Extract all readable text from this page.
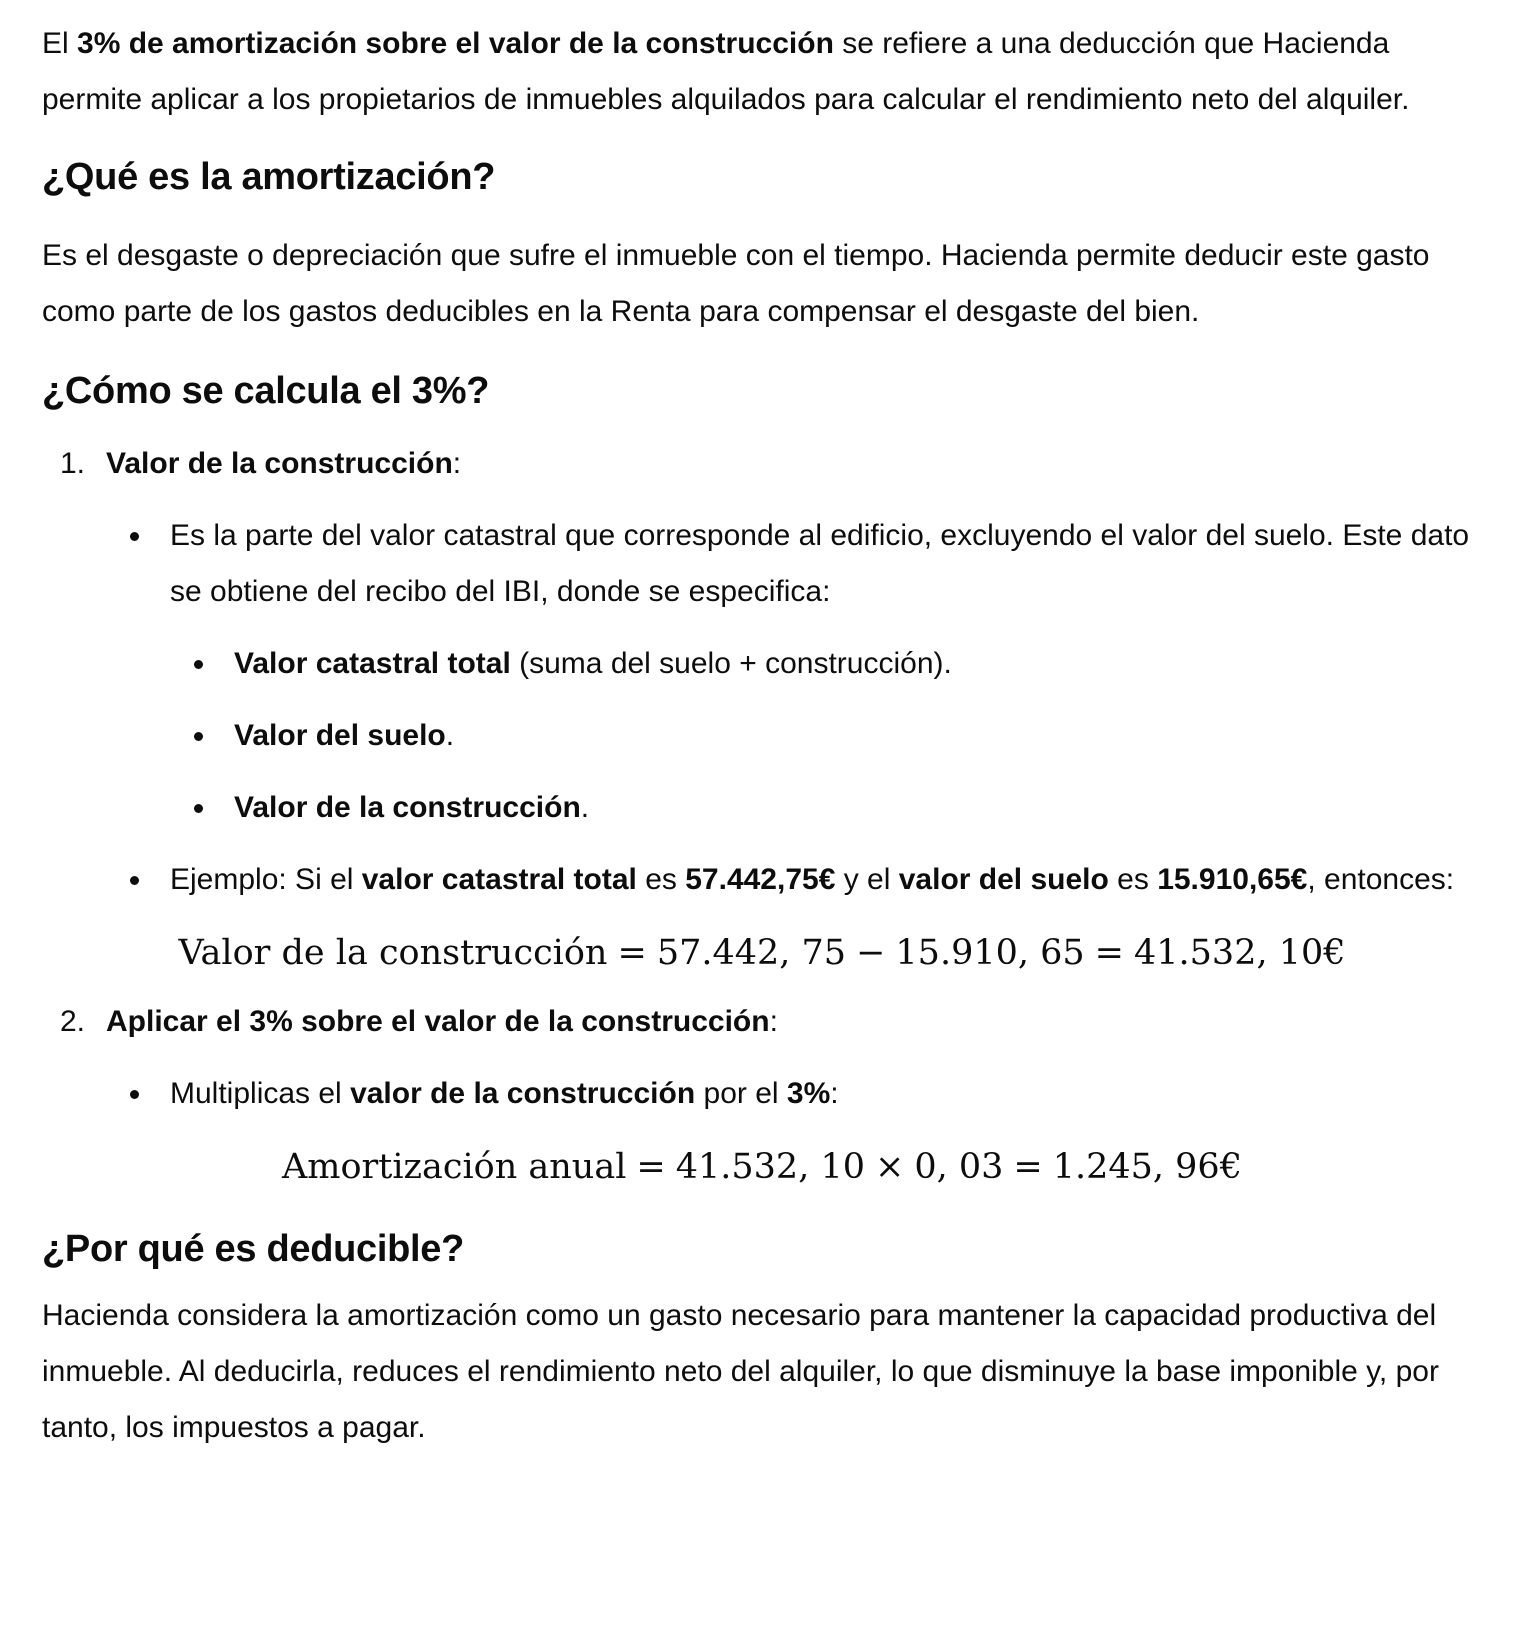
El 3% de amortización sobre el valor de la construcción se refiere a una deducción que Hacienda permite aplicar a los propietarios de inmuebles alquilados para calcular el rendimiento neto del alquiler.

¿Qué es la amortización?

Es el desgaste o depreciación que sufre el inmueble con el tiempo. Hacienda permite deducir este gasto como parte de los gastos deducibles en la Renta para compensar el desgaste del bien.

¿Cómo se calcula el 3%?
1. Valor de la construcción:
Es la parte del valor catastral que corresponde al edificio, excluyendo el valor del suelo. Este dato se obtiene del recibo del IBI, donde se especifica:
Valor catastral total (suma del suelo + construcción).
Valor del suelo.
Valor de la construcción.
Ejemplo: Si el valor catastral total es 57.442,75€ y el valor del suelo es 15.910,65€, entonces:
Valor de la construcción = 57.442, 75 − 15.910, 65 = 41.532, 10€
2. Aplicar el 3% sobre el valor de la construcción:
Multiplicas el valor de la construcción por el 3%:
Amortización anual = 41.532, 10 × 0, 03 = 1.245, 96€
¿Por qué es deducible?

Hacienda considera la amortización como un gasto necesario para mantener la capacidad productiva del inmueble. Al deducirla, reduces el rendimiento neto del alquiler, lo que disminuye la base imponible y, por tanto, los impuestos a pagar.
